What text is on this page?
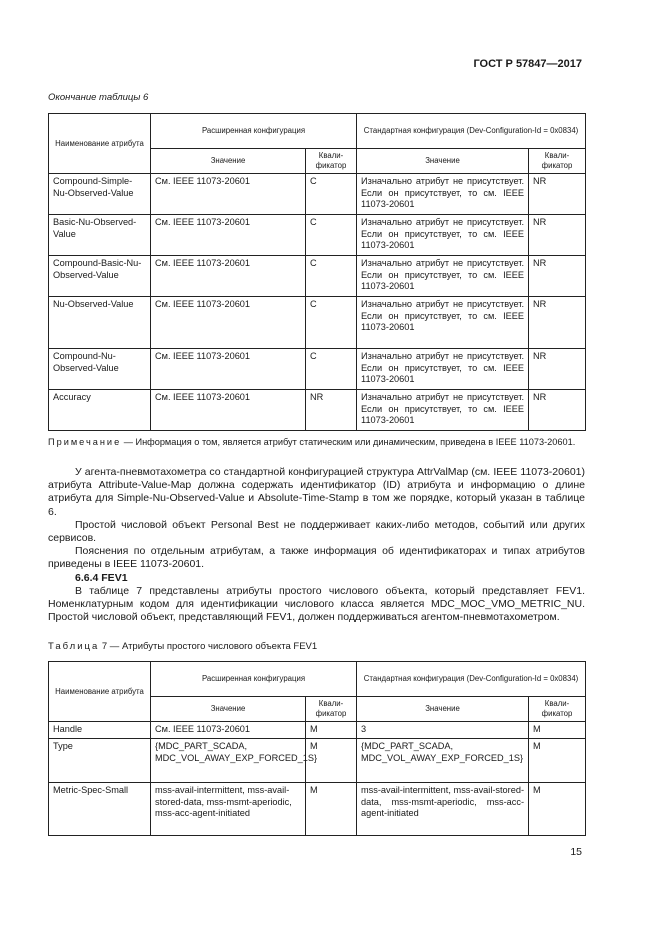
ГОСТ Р 57847—2017
Окончание таблицы 6
Наименование атрибута	Расширенная конфигурация		Стандартная конфигурация (Dev-Configuration-Id = 0x0834)	
	Значение	Квали-фикатор	Значение	Квали-фикатор
Compound-Simple-Nu-Observed-Value	См. IEEE 11073-20601	C	Изначально атрибут не присутствует. Если он присутствует, то см. IEEE 11073-20601	NR
Basic-Nu-Observed-Value	См. IEEE 11073-20601	C	Изначально атрибут не присутствует. Если он присутствует, то см. IEEE 11073-20601	NR
Compound-Basic-Nu-Observed-Value	См. IEEE 11073-20601	C	Изначально атрибут не присутствует. Если он присутствует, то см. IEEE 11073-20601	NR
Nu-Observed-Value	См. IEEE 11073-20601	C	Изначально атрибут не присутствует. Если он присутствует, то см. IEEE 11073-20601	NR
Compound-Nu-Observed-Value	См. IEEE 11073-20601	C	Изначально атрибут не присутствует. Если он присутствует, то см. IEEE 11073-20601	NR
Accuracy	См. IEEE 11073-20601	NR	Изначально атрибут не присутствует. Если он присутствует, то см. IEEE 11073-20601	NR
Примечание — Информация о том, является атрибут статическим или динамическим, приведена в IEEE 11073-20601.

У агента-пневмотахометра со стандартной конфигурацией структура AttrValMap (см. IEEE 11073-20601) атрибута Attribute-Value-Map должна содержать идентификатор (ID) атрибута и информацию о длине атрибута для Simple-Nu-Observed-Value и Absolute-Time-Stamp в том же порядке, который указан в таблице 6.

Простой числовой объект Personal Best не поддерживает каких-либо методов, событий или других сервисов.

Пояснения по отдельным атрибутам, а также информация об идентификаторах и типах атрибутов приведены в IEEE 11073-20601.

6.6.4 FEV1

В таблице 7 представлены атрибуты простого числового объекта, который представляет FEV1. Номенклатурным кодом для идентификации числового класса является MDC_MOC_VMO_METRIC_NU. Простой числовой объект, представляющий FEV1, должен поддерживаться агентом-пневмотахометром.

Таблица 7 — Атрибуты простого числового объекта FEV1
Наименование атрибута	Расширенная конфигурация		Стандартная конфигурация (Dev-Configuration-Id = 0x0834)	
	Значение	Квали-фикатор	Значение	Квали-фикатор
Handle	См. IEEE 11073-20601	M	3	M
Type	{MDC_PART_SCADA, MDC_VOL_AWAY_EXP_FORCED_1S}	M	{MDC_PART_SCADA, MDC_VOL_AWAY_EXP_FORCED_1S}	M
Metric-Spec-Small	mss-avail-intermittent, mss-avail-stored-data, mss-msmt-aperiodic, mss-acc-agent-initiated	M	mss-avail-intermittent, mss-avail-stored-data, mss-msmt-aperiodic, mss-acc-agent-initiated	M
15
